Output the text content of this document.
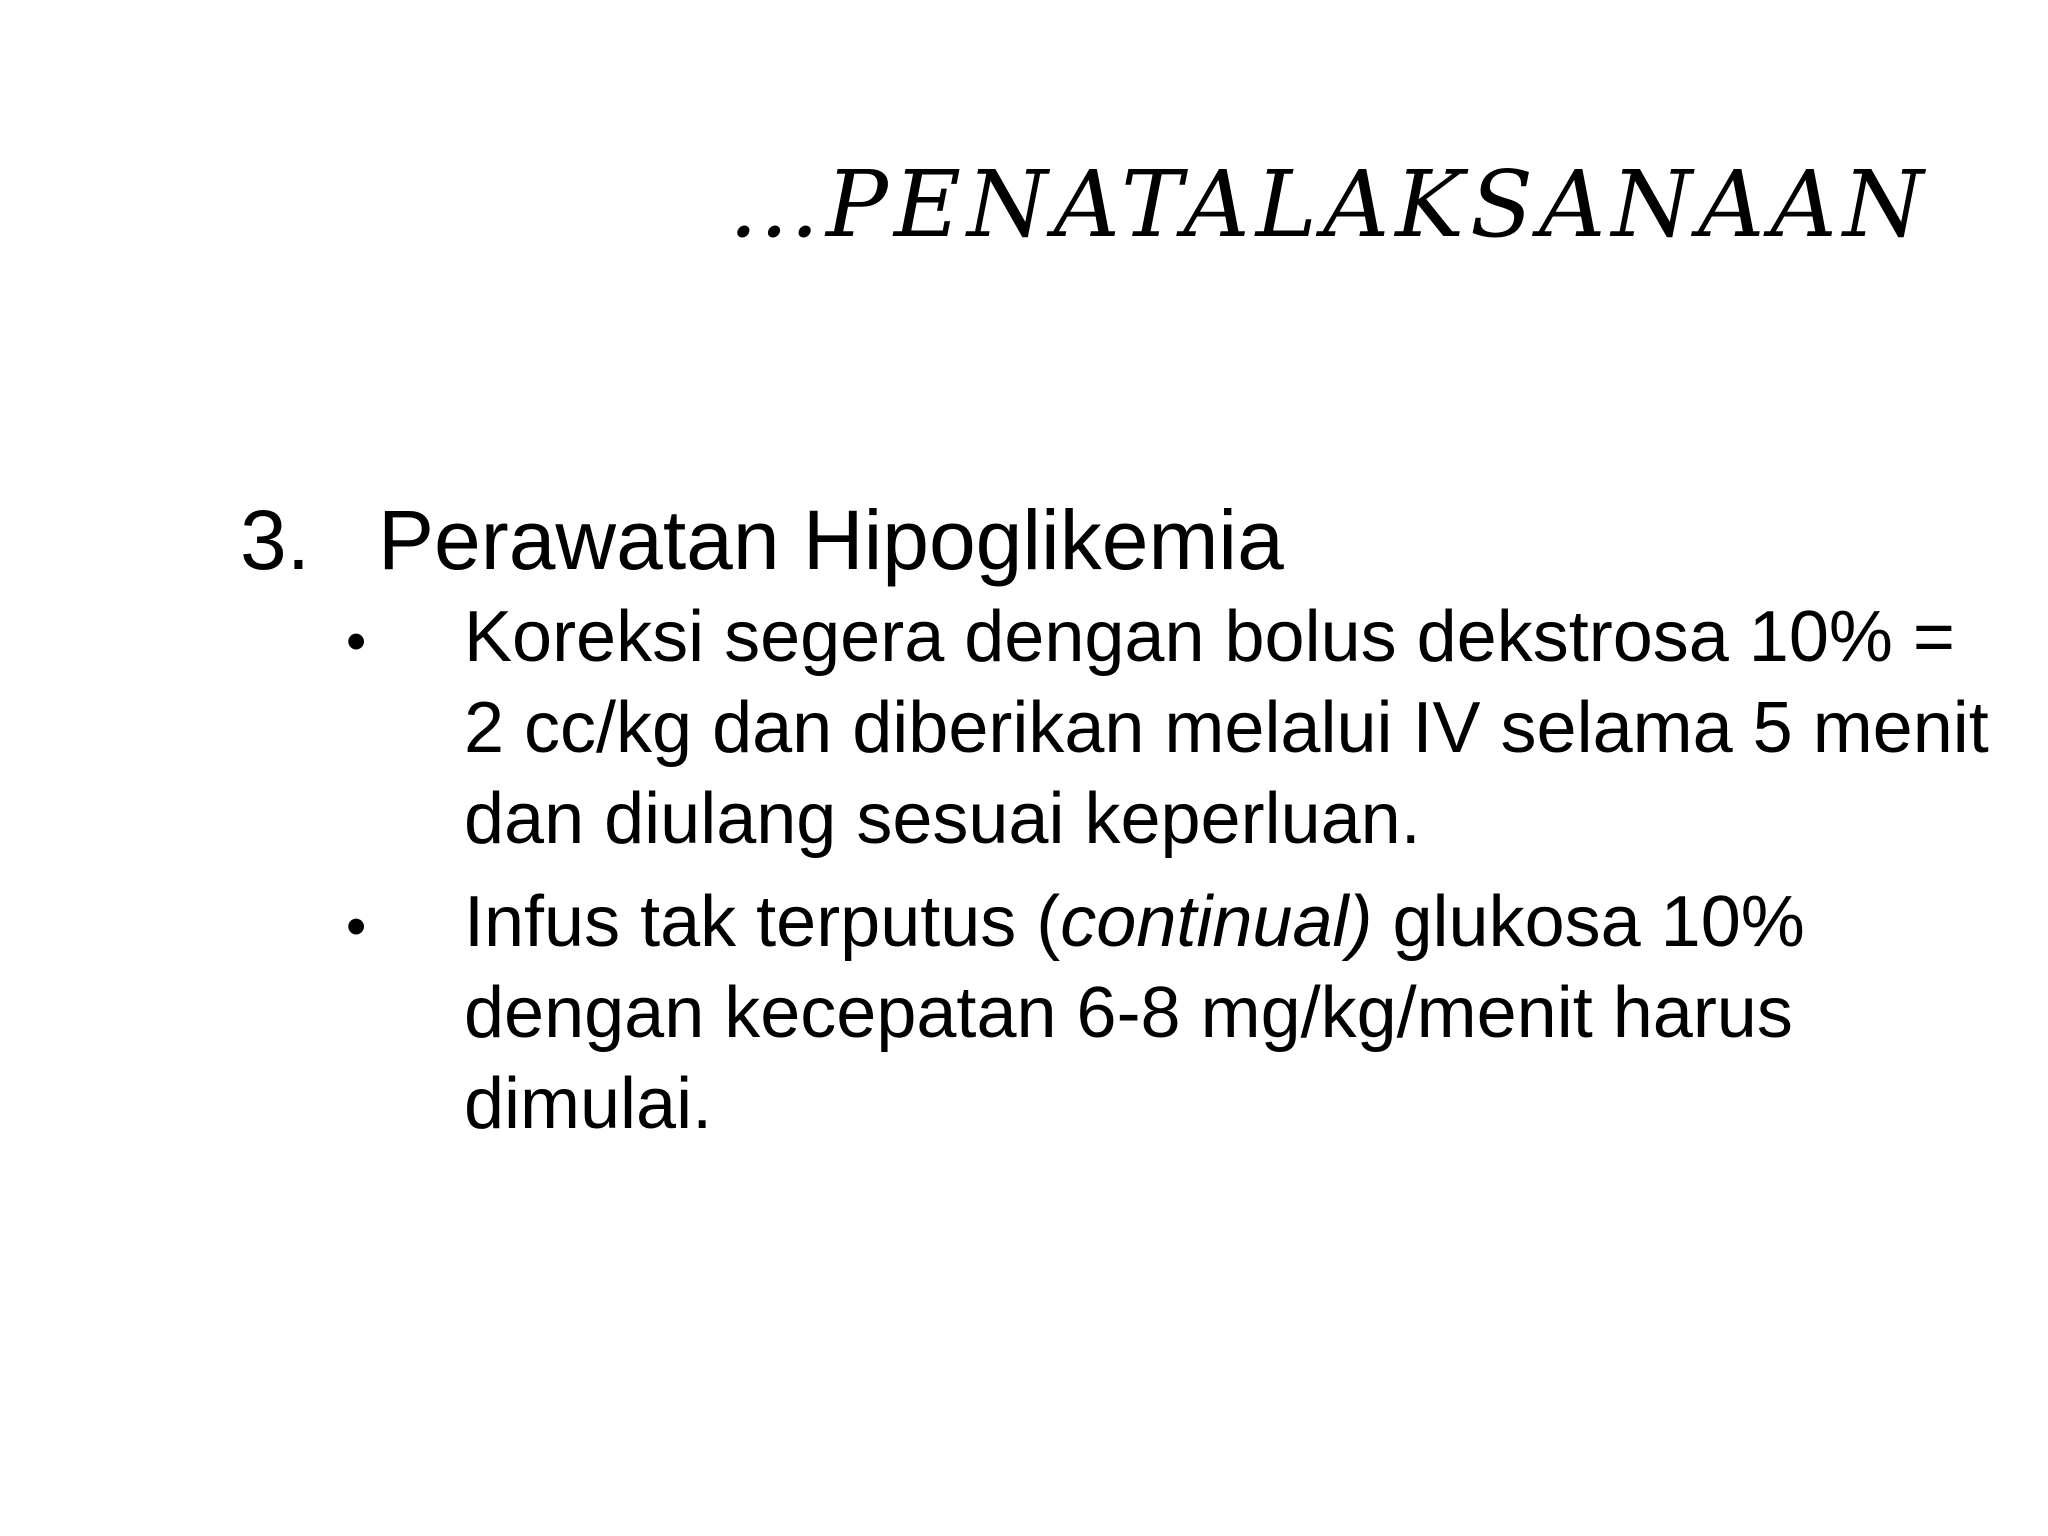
…PENATALAKSANAAN
3. Perawatan Hipoglikemia
•	Koreksi segera dengan bolus dekstrosa 10% = 2 cc/kg dan diberikan melalui IV selama 5 menit dan diulang sesuai keperluan.
•	Infus tak terputus (continual) glukosa 10% dengan kecepatan 6-8 mg/kg/menit harus dimulai.
